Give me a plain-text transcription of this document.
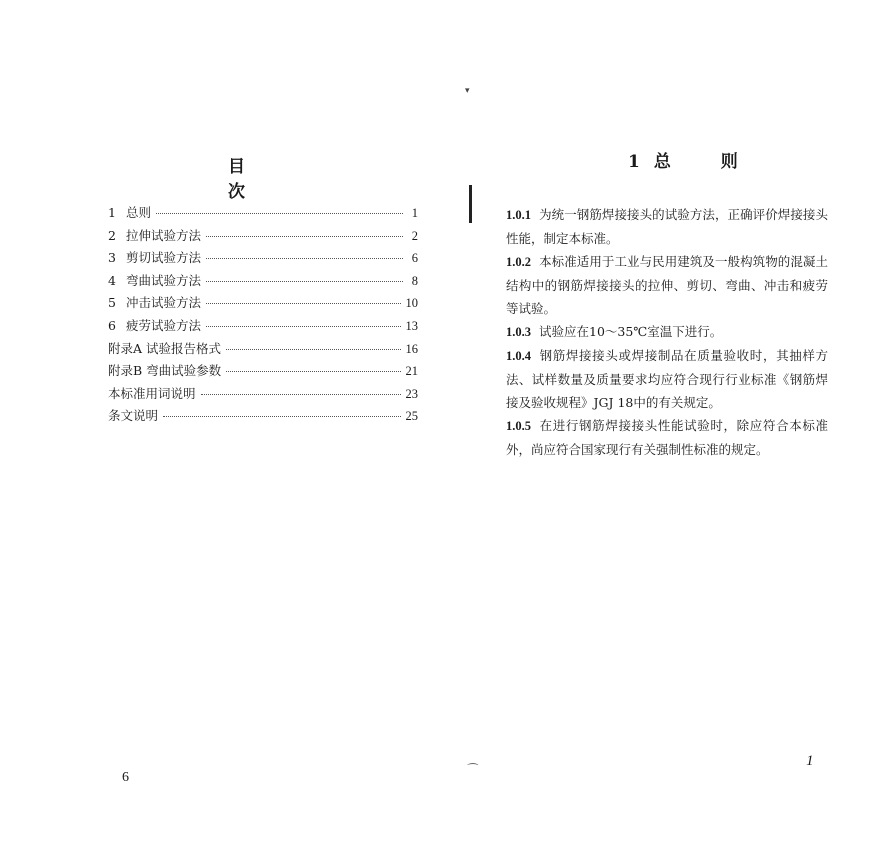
目 次
1 总则	1
2 拉伸试验方法	2
3 剪切试验方法	6
4 弯曲试验方法	8
5 冲击试验方法	10
6 疲劳试验方法	13
附录A 试验报告格式	16
附录B 弯曲试验参数	21
本标准用词说明	23
条文说明	25
6
▾
⁀
1 总 则

1.0.1 为统一钢筋焊接接头的试验方法，正确评价焊接接头性能，制定本标准。

1.0.2 本标准适用于工业与民用建筑及一般构筑物的混凝土结构中的钢筋焊接接头的拉伸、剪切、弯曲、冲击和疲劳等试验。

1.0.3 试验应在10～35℃室温下进行。

1.0.4 钢筋焊接接头或焊接制品在质量验收时，其抽样方法、试样数量及质量要求均应符合现行行业标准《钢筋焊接及验收规程》JGJ 18中的有关规定。

1.0.5 在进行钢筋焊接接头性能试验时，除应符合本标准外，尚应符合国家现行有关强制性标准的规定。

1
